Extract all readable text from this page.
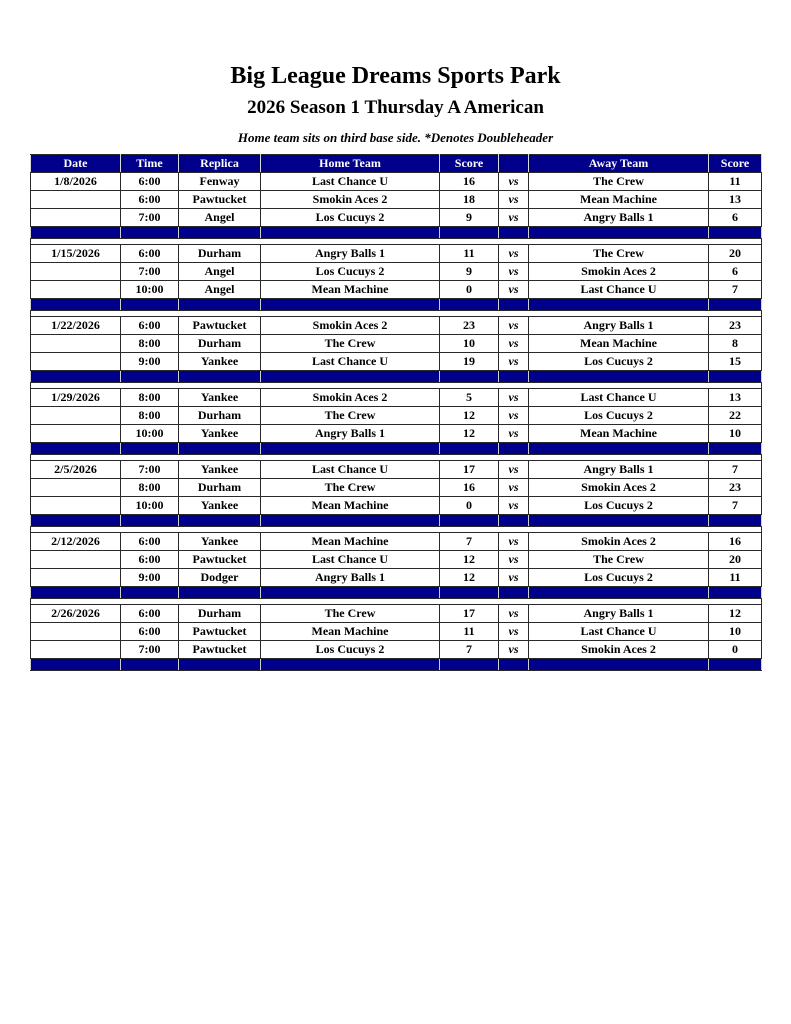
Big League Dreams Sports Park
2026 Season 1 Thursday A American

Home team sits on third base side. *Denotes Doubleheader

Date	Time	Replica	Home Team	Score		Away Team	Score
1/8/2026	6:00	Fenway	Last Chance U	16	vs	The Crew	11
	6:00	Pawtucket	Smokin Aces 2	18	vs	Mean Machine	13
	7:00	Angel	Los Cucuys 2	9	vs	Angry Balls 1	6

1/15/2026	6:00	Durham	Angry Balls 1	11	vs	The Crew	20
	7:00	Angel	Los Cucuys 2	9	vs	Smokin Aces 2	6
	10:00	Angel	Mean Machine	0	vs	Last Chance U	7

1/22/2026	6:00	Pawtucket	Smokin Aces 2	23	vs	Angry Balls 1	23
	8:00	Durham	The Crew	10	vs	Mean Machine	8
	9:00	Yankee	Last Chance U	19	vs	Los Cucuys 2	15

1/29/2026	8:00	Yankee	Smokin Aces 2	5	vs	Last Chance U	13
	8:00	Durham	The Crew	12	vs	Los Cucuys 2	22
	10:00	Yankee	Angry Balls 1	12	vs	Mean Machine	10

2/5/2026	7:00	Yankee	Last Chance U	17	vs	Angry Balls 1	7
	8:00	Durham	The Crew	16	vs	Smokin Aces 2	23
	10:00	Yankee	Mean Machine	0	vs	Los Cucuys 2	7

2/12/2026	6:00	Yankee	Mean Machine	7	vs	Smokin Aces 2	16
	6:00	Pawtucket	Last Chance U	12	vs	The Crew	20
	9:00	Dodger	Angry Balls 1	12	vs	Los Cucuys 2	11

2/26/2026	6:00	Durham	The Crew	17	vs	Angry Balls 1	12
	6:00	Pawtucket	Mean Machine	11	vs	Last Chance U	10
	7:00	Pawtucket	Los Cucuys 2	7	vs	Smokin Aces 2	0
